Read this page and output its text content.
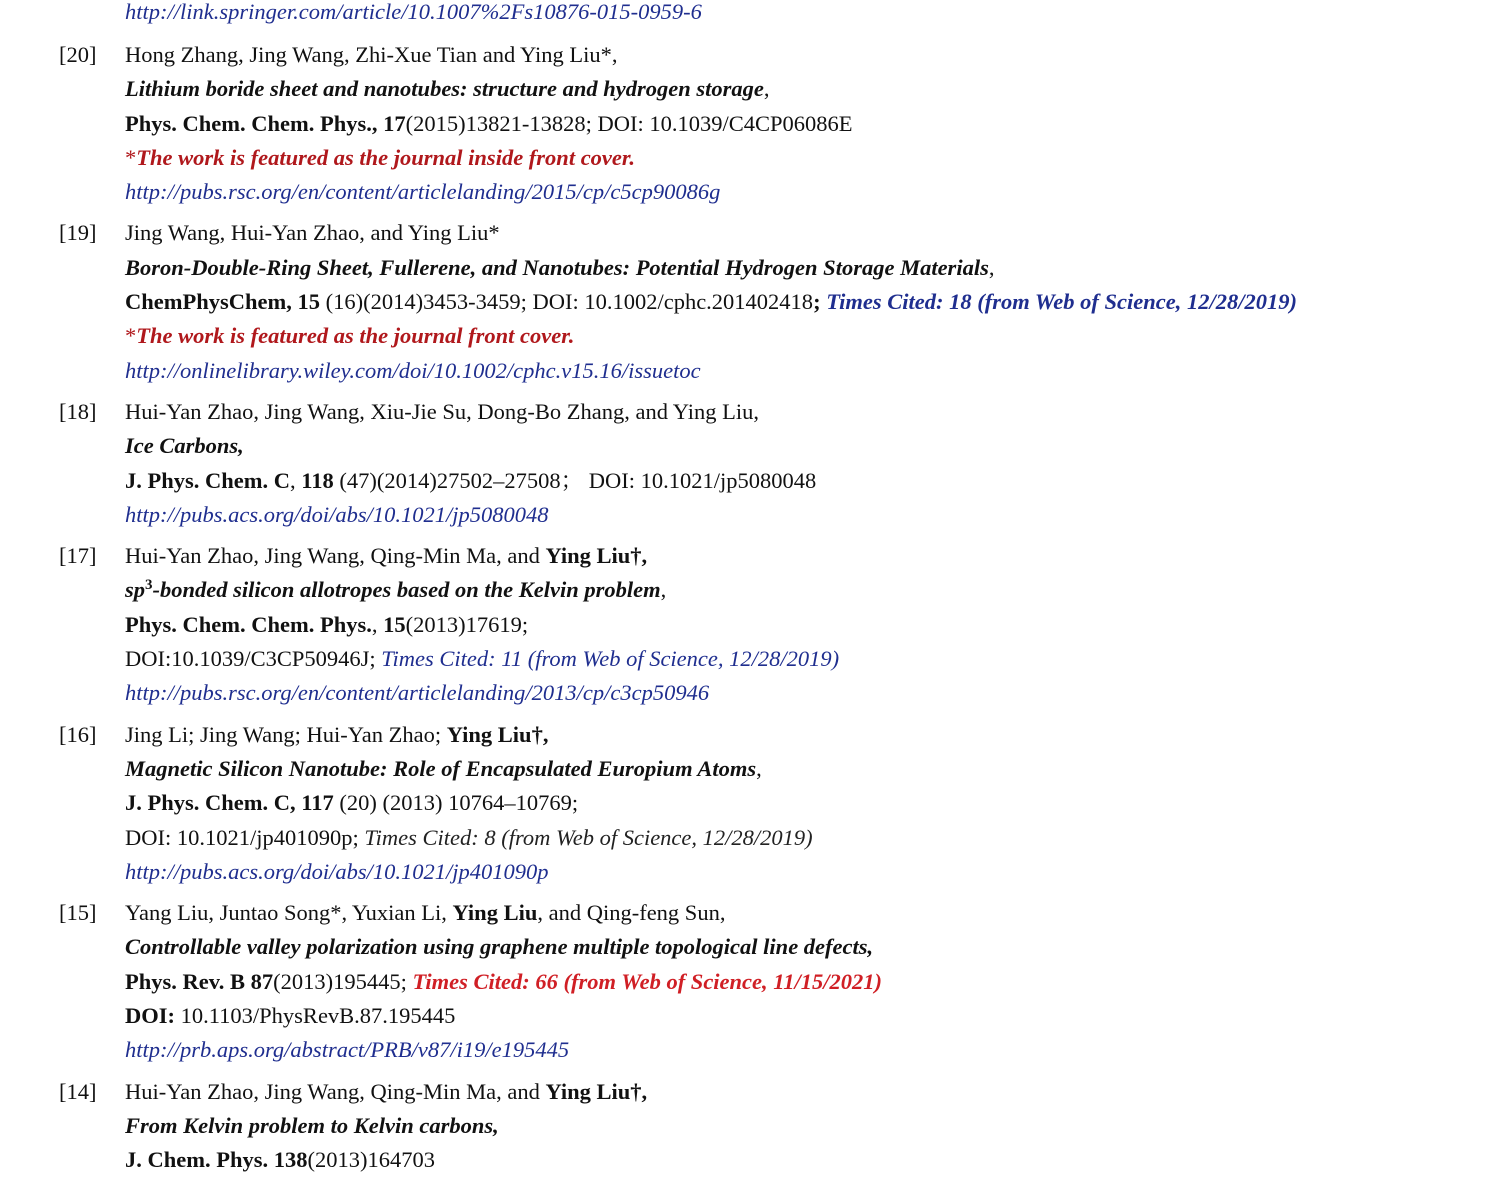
http://link.springer.com/article/10.1007%2Fs10876-015-0959-6
[20] Hong Zhang, Jing Wang, Zhi-Xue Tian and Ying Liu*,
Lithium boride sheet and nanotubes: structure and hydrogen storage,
Phys. Chem. Chem. Phys., 17(2015)13821-13828; DOI: 10.1039/C4CP06086E
*The work is featured as the journal inside front cover.
http://pubs.rsc.org/en/content/articlelanding/2015/cp/c5cp90086g
[19] Jing Wang, Hui-Yan Zhao, and Ying Liu*
Boron-Double-Ring Sheet, Fullerene, and Nanotubes: Potential Hydrogen Storage Materials,
ChemPhysChem, 15 (16)(2014)3453-3459; DOI: 10.1002/cphc.201402418; Times Cited: 18 (from Web of Science, 12/28/2019)
*The work is featured as the journal front cover.
http://onlinelibrary.wiley.com/doi/10.1002/cphc.v15.16/issuetoc
[18] Hui-Yan Zhao, Jing Wang, Xiu-Jie Su, Dong-Bo Zhang, and Ying Liu,
Ice Carbons,
J. Phys. Chem. C, 118 (47)(2014)27502–27508； DOI: 10.1021/jp5080048
http://pubs.acs.org/doi/abs/10.1021/jp5080048
[17] Hui-Yan Zhao, Jing Wang, Qing-Min Ma, and Ying Liu†,
$sp^3$-bonded silicon allotropes based on the Kelvin problem,
Phys. Chem. Chem. Phys., 15(2013)17619;
DOI:10.1039/C3CP50946J; Times Cited: 11 (from Web of Science, 12/28/2019)
http://pubs.rsc.org/en/content/articlelanding/2013/cp/c3cp50946
[16] Jing Li; Jing Wang; Hui-Yan Zhao; Ying Liu†,
Magnetic Silicon Nanotube: Role of Encapsulated Europium Atoms,
J. Phys. Chem. C, 117 (20) (2013) 10764–10769;
DOI: 10.1021/jp401090p; Times Cited: 8 (from Web of Science, 12/28/2019)
http://pubs.acs.org/doi/abs/10.1021/jp401090p
[15] Yang Liu, Juntao Song*, Yuxian Li, Ying Liu, and Qing-feng Sun,
Controllable valley polarization using graphene multiple topological line defects,
Phys. Rev. B 87(2013)195445; Times Cited: 66 (from Web of Science, 11/15/2021)
DOI: 10.1103/PhysRevB.87.195445
http://prb.aps.org/abstract/PRB/v87/i19/e195445
[14] Hui-Yan Zhao, Jing Wang, Qing-Min Ma, and Ying Liu†,
From Kelvin problem to Kelvin carbons,
J. Chem. Phys. 138(2013)164703
